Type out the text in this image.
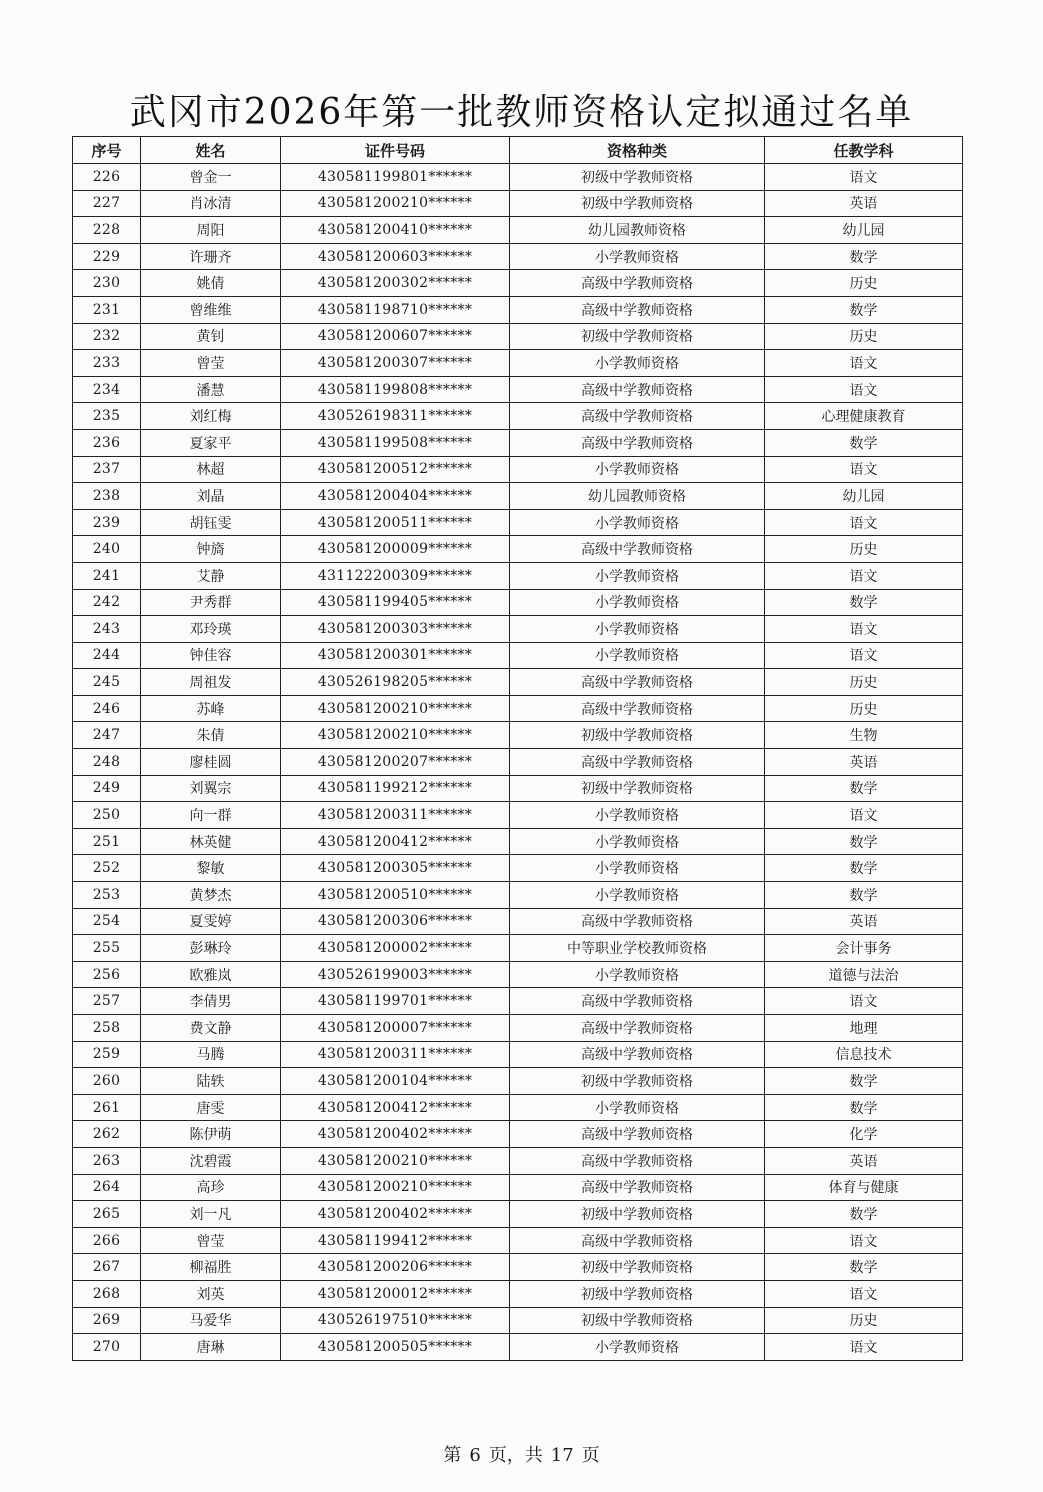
武冈市2026年第一批教师资格认定拟通过名单
序号	姓名	证件号码	资格种类	任教学科
226	曾金一	430581199801******	初级中学教师资格	语文
227	肖冰清	430581200210******	初级中学教师资格	英语
228	周阳	430581200410******	幼儿园教师资格	幼儿园
229	许珊齐	430581200603******	小学教师资格	数学
230	姚倩	430581200302******	高级中学教师资格	历史
231	曾维维	430581198710******	高级中学教师资格	数学
232	黄钊	430581200607******	初级中学教师资格	历史
233	曾莹	430581200307******	小学教师资格	语文
234	潘慧	430581199808******	高级中学教师资格	语文
235	刘红梅	430526198311******	高级中学教师资格	心理健康教育
236	夏家平	430581199508******	高级中学教师资格	数学
237	林超	430581200512******	小学教师资格	语文
238	刘晶	430581200404******	幼儿园教师资格	幼儿园
239	胡钰雯	430581200511******	小学教师资格	语文
240	钟旖	430581200009******	高级中学教师资格	历史
241	艾静	431122200309******	小学教师资格	语文
242	尹秀群	430581199405******	小学教师资格	数学
243	邓玲瑛	430581200303******	小学教师资格	语文
244	钟佳容	430581200301******	小学教师资格	语文
245	周祖发	430526198205******	高级中学教师资格	历史
246	苏峰	430581200210******	高级中学教师资格	历史
247	朱倩	430581200210******	初级中学教师资格	生物
248	廖桂圆	430581200207******	高级中学教师资格	英语
249	刘翼宗	430581199212******	初级中学教师资格	数学
250	向一群	430581200311******	小学教师资格	语文
251	林英健	430581200412******	小学教师资格	数学
252	黎敏	430581200305******	小学教师资格	数学
253	黄梦杰	430581200510******	小学教师资格	数学
254	夏雯婷	430581200306******	高级中学教师资格	英语
255	彭琳玲	430581200002******	中等职业学校教师资格	会计事务
256	欧雅岚	430526199003******	小学教师资格	道德与法治
257	李倩男	430581199701******	高级中学教师资格	语文
258	费文静	430581200007******	高级中学教师资格	地理
259	马腾	430581200311******	高级中学教师资格	信息技术
260	陆轶	430581200104******	初级中学教师资格	数学
261	唐雯	430581200412******	小学教师资格	数学
262	陈伊萌	430581200402******	高级中学教师资格	化学
263	沈碧霞	430581200210******	高级中学教师资格	英语
264	高珍	430581200210******	高级中学教师资格	体育与健康
265	刘一凡	430581200402******	初级中学教师资格	数学
266	曾莹	430581199412******	高级中学教师资格	语文
267	柳福胜	430581200206******	初级中学教师资格	数学
268	刘英	430581200012******	初级中学教师资格	语文
269	马爱华	430526197510******	初级中学教师资格	历史
270	唐琳	430581200505******	小学教师资格	语文
第 6 页，共 17 页
